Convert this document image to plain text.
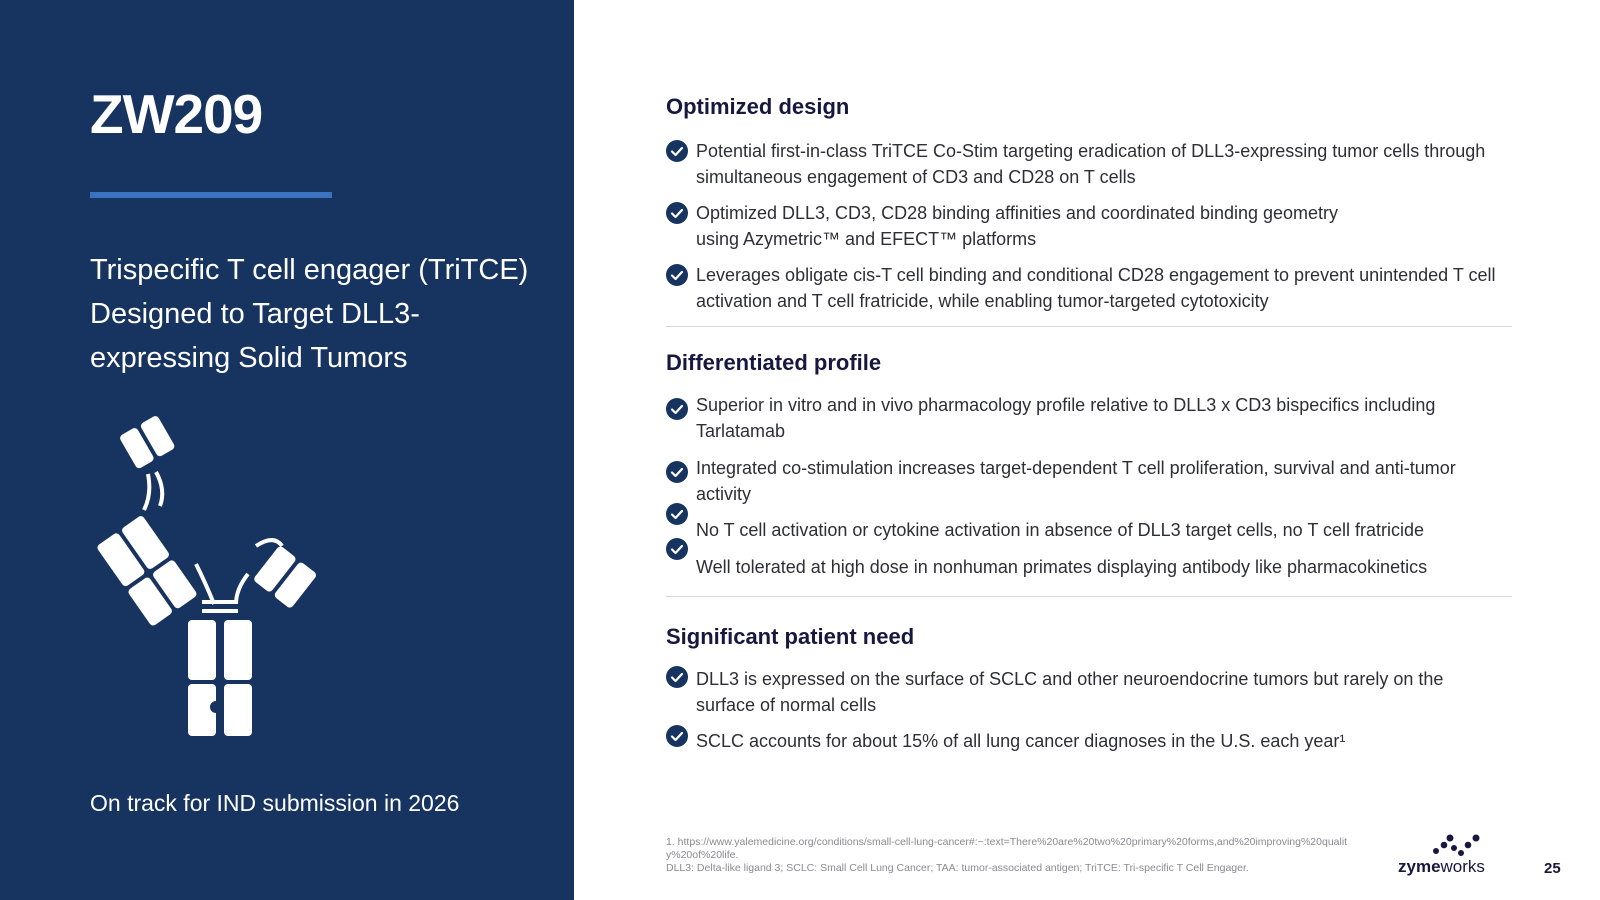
ZW209
Trispecific T cell engager (TriTCE) Designed to Target DLL3-expressing Solid Tumors
On track for IND submission in 2026
Optimized design
Potential first-in-class TriTCE Co-Stim targeting eradication of DLL3-expressing tumor cells through simultaneous engagement of CD3 and CD28 on T cells
Optimized DLL3, CD3, CD28 binding affinities and coordinated binding geometry using Azymetric™ and EFECT™ platforms
Leverages obligate cis-T cell binding and conditional CD28 engagement to prevent unintended T cell activation and T cell fratricide, while enabling tumor-targeted cytotoxicity
Differentiated profile
Superior in vitro and in vivo pharmacology profile relative to DLL3 x CD3 bispecifics including Tarlatamab
Integrated co-stimulation increases target-dependent T cell proliferation, survival and anti-tumor activity
No T cell activation or cytokine activation in absence of DLL3 target cells, no T cell fratricide
Well tolerated at high dose in nonhuman primates displaying antibody like pharmacokinetics
Significant patient need
DLL3 is expressed on the surface of SCLC and other neuroendocrine tumors but rarely on the surface of normal cells
SCLC accounts for about 15% of all lung cancer diagnoses in the U.S. each year¹
1. https://www.yalemedicine.org/conditions/small-cell-lung-cancer#:~:text=There%20are%20two%20primary%20forms,and%20improving%20quality%20of%20life.
DLL3: Delta-like ligand 3; SCLC: Small Cell Lung Cancer; TAA: tumor-associated antigen; TriTCE: Tri-specific T Cell Engager.	zymeworks	25
